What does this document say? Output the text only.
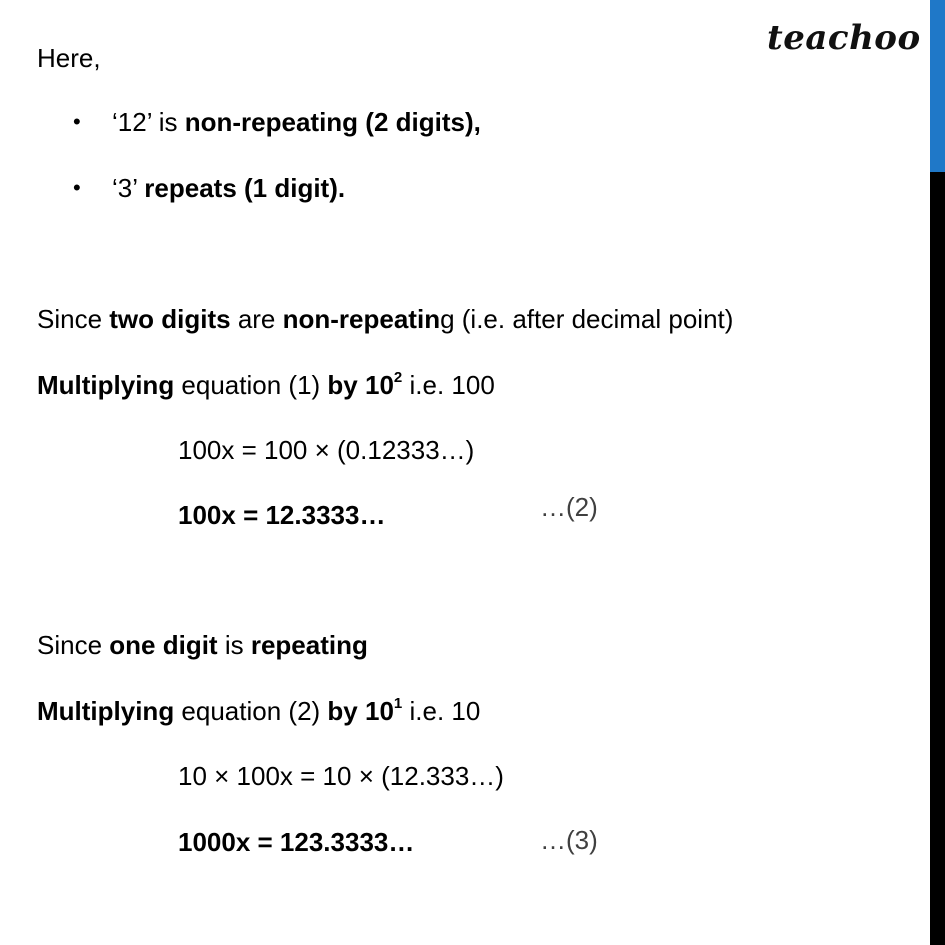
teachoo
Here,
• ‘12’ is non-repeating (2 digits),
• ‘3’ repeats (1 digit).
Since two digits are non-repeating (i.e. after decimal point)
Multiplying equation (1) by $10^2$ i.e. 100
100x = 100 × (0.12333…)
100x = 12.3333…	…(2)
Since one digit is repeating
Multiplying equation (2) by $10^1$ i.e. 10
10 × 100x = 10 × (12.333…)
1000x = 123.3333…	…(3)
